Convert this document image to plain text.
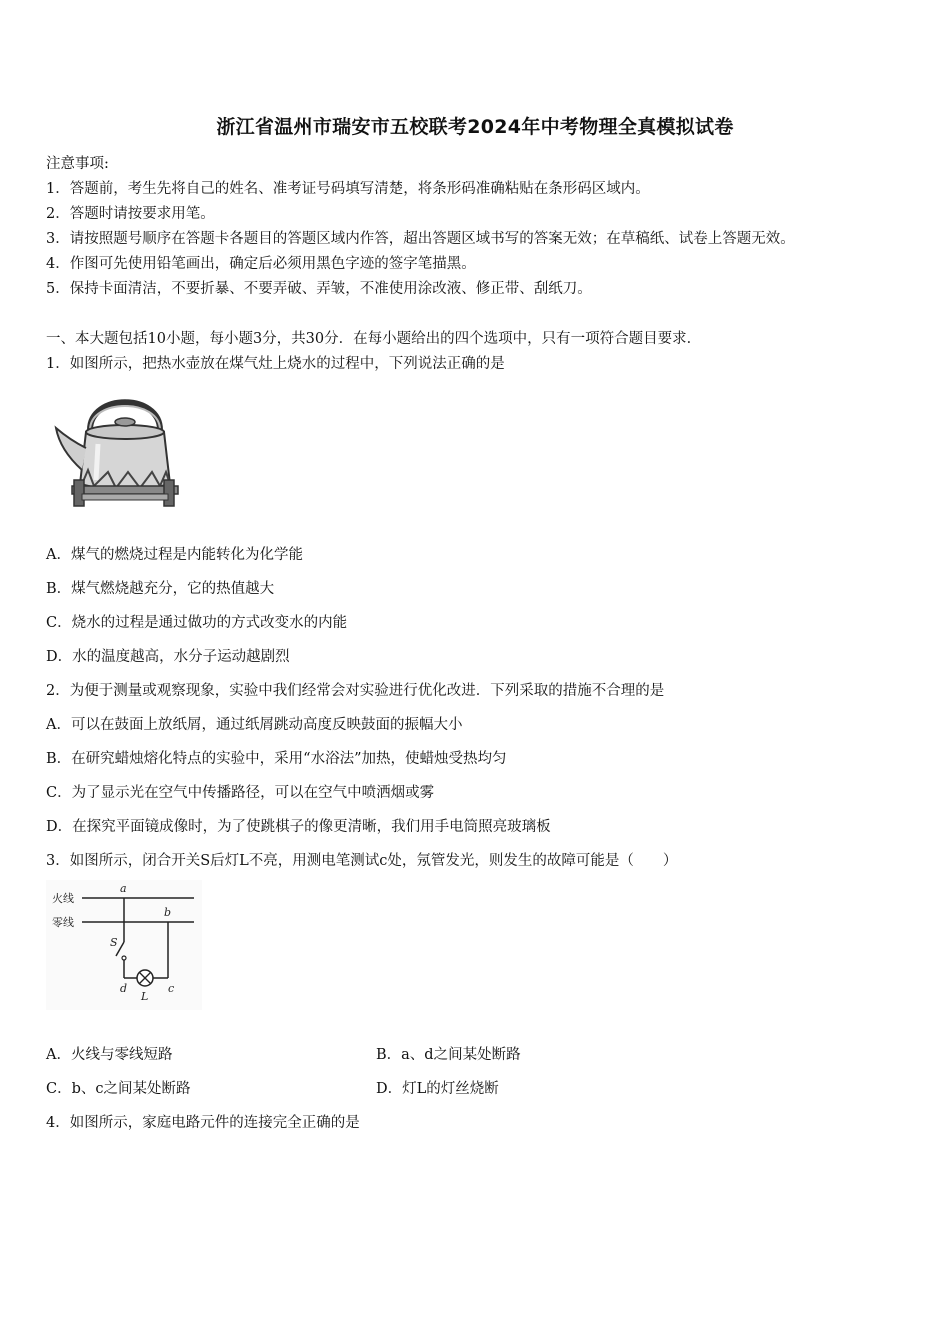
浙江省温州市瑞安市五校联考2024年中考物理全真模拟试卷
注意事项:
1．答题前，考生先将自己的姓名、准考证号码填写清楚，将条形码准确粘贴在条形码区域内。
2．答题时请按要求用笔。
3．请按照题号顺序在答题卡各题目的答题区域内作答，超出答题区域书写的答案无效；在草稿纸、试卷上答题无效。
4．作图可先使用铅笔画出，确定后必须用黑色字迹的签字笔描黑。
5．保持卡面清洁，不要折暴、不要弄破、弄皱，不准使用涂改液、修正带、刮纸刀。
一、本大题包括10小题，每小题3分，共30分．在每小题给出的四个选项中，只有一项符合题目要求．
1．如图所示，把热水壶放在煤气灶上烧水的过程中，下列说法正确的是
A．煤气的燃烧过程是内能转化为化学能
B．煤气燃烧越充分，它的热值越大
C．烧水的过程是通过做功的方式改变水的内能
D．水的温度越高，水分子运动越剧烈
2．为便于测量或观察现象，实验中我们经常会对实验进行优化改进．下列采取的措施不合理的是
A．可以在鼓面上放纸屑，通过纸屑跳动高度反映鼓面的振幅大小
B．在研究蜡烛熔化特点的实验中，采用“水浴法”加热，使蜡烛受热均匀
C．为了显示光在空气中传播路径，可以在空气中喷洒烟或雾
D．在探究平面镜成像时，为了使跳棋子的像更清晰，我们用手电筒照亮玻璃板
3．如图所示，闭合开关S后灯L不亮，用测电笔测试c处，氖管发光，则发生的故障可能是（　　）
火线
零线
a
b
S
L
d	c
A．火线与零线短路	B．a、d之间某处断路
C．b、c之间某处断路	D．灯L的灯丝烧断
4．如图所示，家庭电路元件的连接完全正确的是
